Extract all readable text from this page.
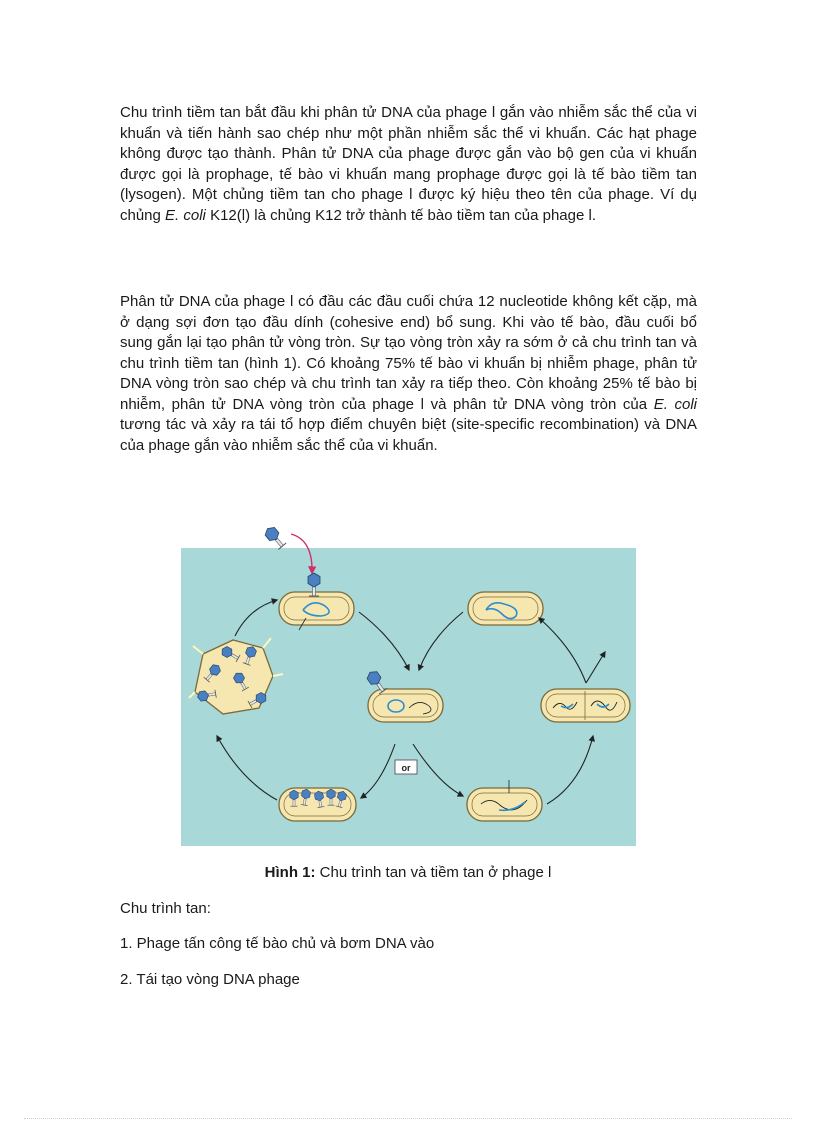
Chu trình tiềm tan bắt đầu khi phân tử DNA của phage l gắn vào nhiễm sắc thể của vi khuẩn và tiến hành sao chép như một phần nhiễm sắc thể vi khuẩn. Các hạt phage không được tạo thành. Phân tử DNA của phage được gắn vào bộ gen của vi khuẩn được gọi là prophage, tế bào vi khuẩn mang prophage được gọi là tế bào tiềm tan (lysogen). Một chủng tiềm tan cho phage l được ký hiệu theo tên của phage. Ví dụ chủng E. coli K12(l) là chủng K12 trở thành tế bào tiềm tan của phage l.

Phân tử DNA của phage l có đầu các đầu cuối chứa 12 nucleotide không kết cặp, mà ở dạng sợi đơn tạo đầu dính (cohesive end) bổ sung. Khi vào tế bào, đầu cuối bổ sung gắn lại tạo phân tử vòng tròn. Sự tạo vòng tròn xảy ra sớm ở cả chu trình tan và chu trình tiềm tan (hình 1). Có khoảng 75% tế bào vi khuẩn bị nhiễm phage, phân tử DNA vòng tròn sao chép và chu trình tan xảy ra tiếp theo. Còn khoảng 25% tế bào bị nhiễm, phân tử DNA vòng tròn của phage l và phân tử DNA vòng tròn của E. coli tương tác và xảy ra tái tổ hợp điểm chuyên biệt (site-specific recombination) và DNA của phage gắn vào nhiễm sắc thể của vi khuẩn.

or
Hình 1: Chu trình tan và tiềm tan ở phage l
Chu trình tan:
1. Phage tấn công tế bào chủ và bơm DNA vào
2. Tái tạo vòng DNA phage
